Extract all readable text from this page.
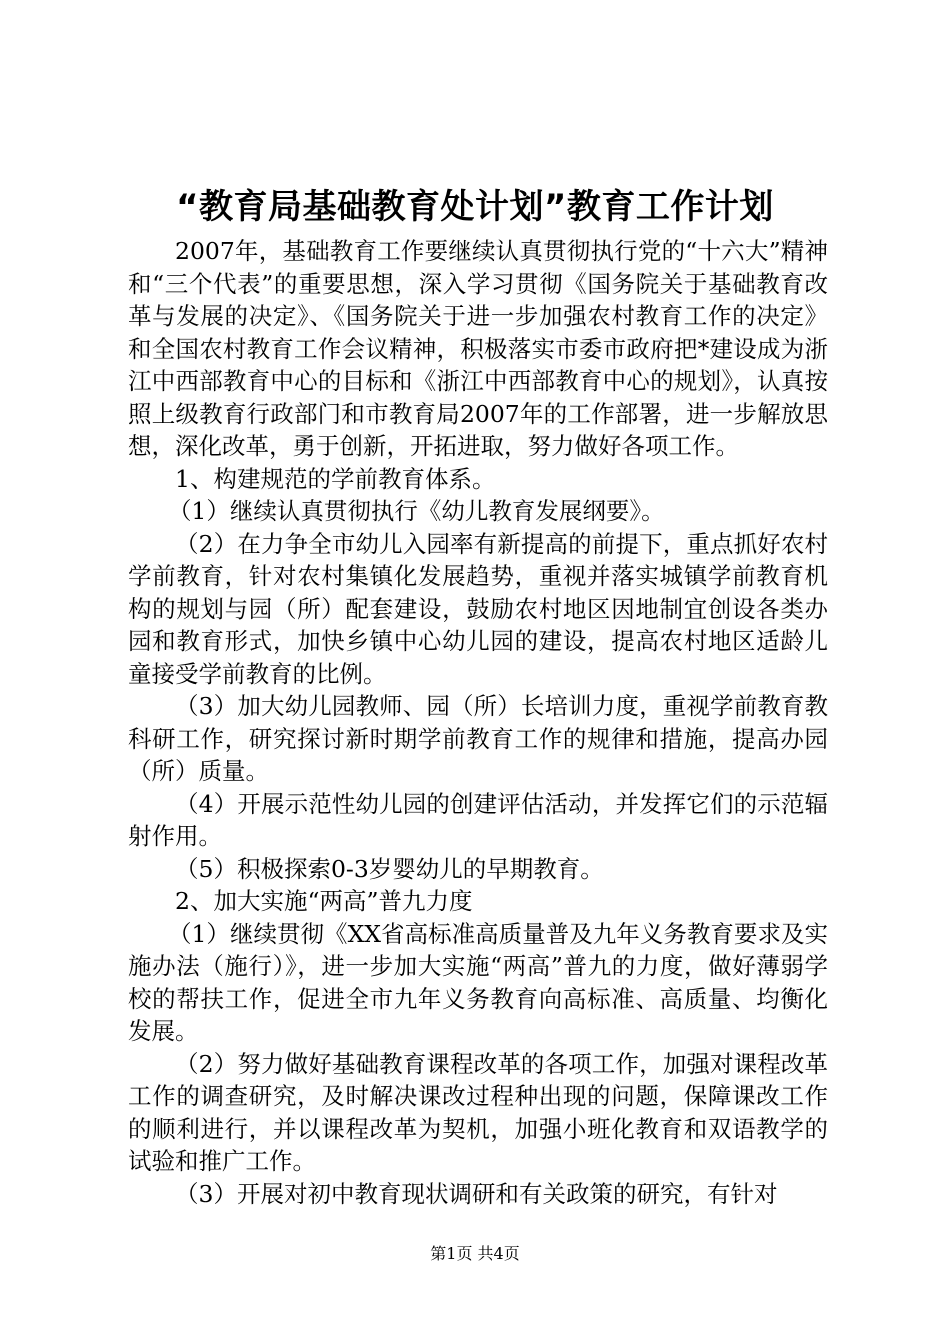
“教育局基础教育处计划”教育工作计划

2007年，基础教育工作要继续认真贯彻执行党的“十六大”精神和“三个代表”的重要思想，深入学习贯彻《国务院关于基础教育改革与发展的决定》、《国务院关于进一步加强农村教育工作的决定》和全国农村教育工作会议精神，积极落实市委市政府把*建设成为浙江中西部教育中心的目标和《浙江中西部教育中心的规划》，认真按照上级教育行政部门和市教育局2007年的工作部署，进一步解放思想，深化改革，勇于创新，开拓进取，努力做好各项工作。

1、构建规范的学前教育体系。

（1）继续认真贯彻执行《幼儿教育发展纲要》。

（2）在力争全市幼儿入园率有新提高的前提下，重点抓好农村学前教育，针对农村集镇化发展趋势，重视并落实城镇学前教育机构的规划与园（所）配套建设，鼓励农村地区因地制宜创设各类办园和教育形式，加快乡镇中心幼儿园的建设，提高农村地区适龄儿童接受学前教育的比例。

（3）加大幼儿园教师、园（所）长培训力度，重视学前教育教科研工作，研究探讨新时期学前教育工作的规律和措施，提高办园（所）质量。

（4）开展示范性幼儿园的创建评估活动，并发挥它们的示范辐射作用。

（5）积极探索0-3岁婴幼儿的早期教育。

2、加大实施“两高”普九力度

（1）继续贯彻《XX省高标准高质量普及九年义务教育要求及实施办法（施行）》，进一步加大实施“两高”普九的力度，做好薄弱学校的帮扶工作，促进全市九年义务教育向高标准、高质量、均衡化发展。

（2）努力做好基础教育课程改革的各项工作，加强对课程改革工作的调查研究，及时解决课改过程种出现的问题，保障课改工作的顺利进行，并以课程改革为契机，加强小班化教育和双语教学的试验和推广工作。

（3）开展对初中教育现状调研和有关政策的研究，有针对

第1页 共4页
